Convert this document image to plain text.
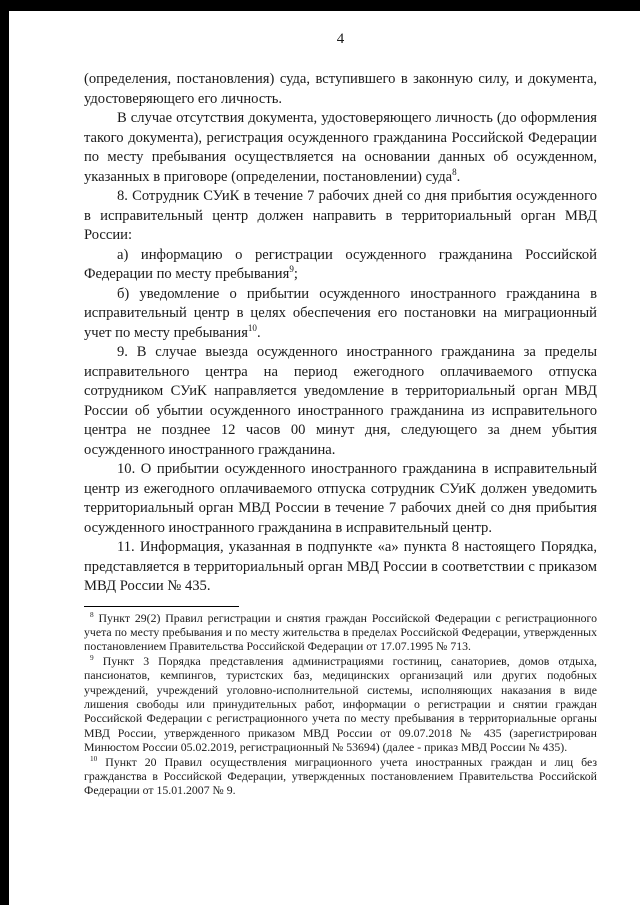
4

(определения, постановления) суда, вступившего в законную силу, и документа, удостоверяющего его личность.

В случае отсутствия документа, удостоверяющего личность (до оформления такого документа), регистрация осужденного гражданина Российской Федерации по месту пребывания осуществляется на основании данных об осужденном, указанных в приговоре (определении, постановлении) суда$^8$.

8. Сотрудник СУиК в течение 7 рабочих дней со дня прибытия осужденного в исправительный центр должен направить в территориальный орган МВД России:

а) информацию о регистрации осужденного гражданина Российской Федерации по месту пребывания$^9$;

б) уведомление о прибытии осужденного иностранного гражданина в исправительный центр в целях обеспечения его постановки на миграционный учет по месту пребывания$^{10}$.

9. В случае выезда осужденного иностранного гражданина за пределы исправительного центра на период ежегодного оплачиваемого отпуска сотрудником СУиК направляется уведомление в территориальный орган МВД России об убытии осужденного иностранного гражданина из исправительного центра не позднее 12 часов 00 минут дня, следующего за днем убытия осужденного иностранного гражданина.

10. О прибытии осужденного иностранного гражданина в исправительный центр из ежегодного оплачиваемого отпуска сотрудник СУиК должен уведомить территориальный орган МВД России в течение 7 рабочих дней со дня прибытия осужденного иностранного гражданина в исправительный центр.

11. Информация, указанная в подпункте «а» пункта 8 настоящего Порядка, представляется в территориальный орган МВД России в соответствии с приказом МВД России № 435.

$^8$ Пункт 29(2) Правил регистрации и снятия граждан Российской Федерации с регистрационного учета по месту пребывания и по месту жительства в пределах Российской Федерации, утвержденных постановлением Правительства Российской Федерации от 17.07.1995 № 713.

$^9$ Пункт 3 Порядка представления администрациями гостиниц, санаториев, домов отдыха, пансионатов, кемпингов, туристских баз, медицинских организаций или других подобных учреждений, учреждений уголовно-исполнительной системы, исполняющих наказания в виде лишения свободы или принудительных работ, информации о регистрации и снятии граждан Российской Федерации с регистрационного учета по месту пребывания в территориальные органы МВД России, утвержденного приказом МВД России от 09.07.2018 № 435 (зарегистрирован Минюстом России 05.02.2019, регистрационный № 53694) (далее - приказ МВД России № 435).

$^{10}$ Пункт 20 Правил осуществления миграционного учета иностранных граждан и лиц без гражданства в Российской Федерации, утвержденных постановлением Правительства Российской Федерации от 15.01.2007 № 9.
